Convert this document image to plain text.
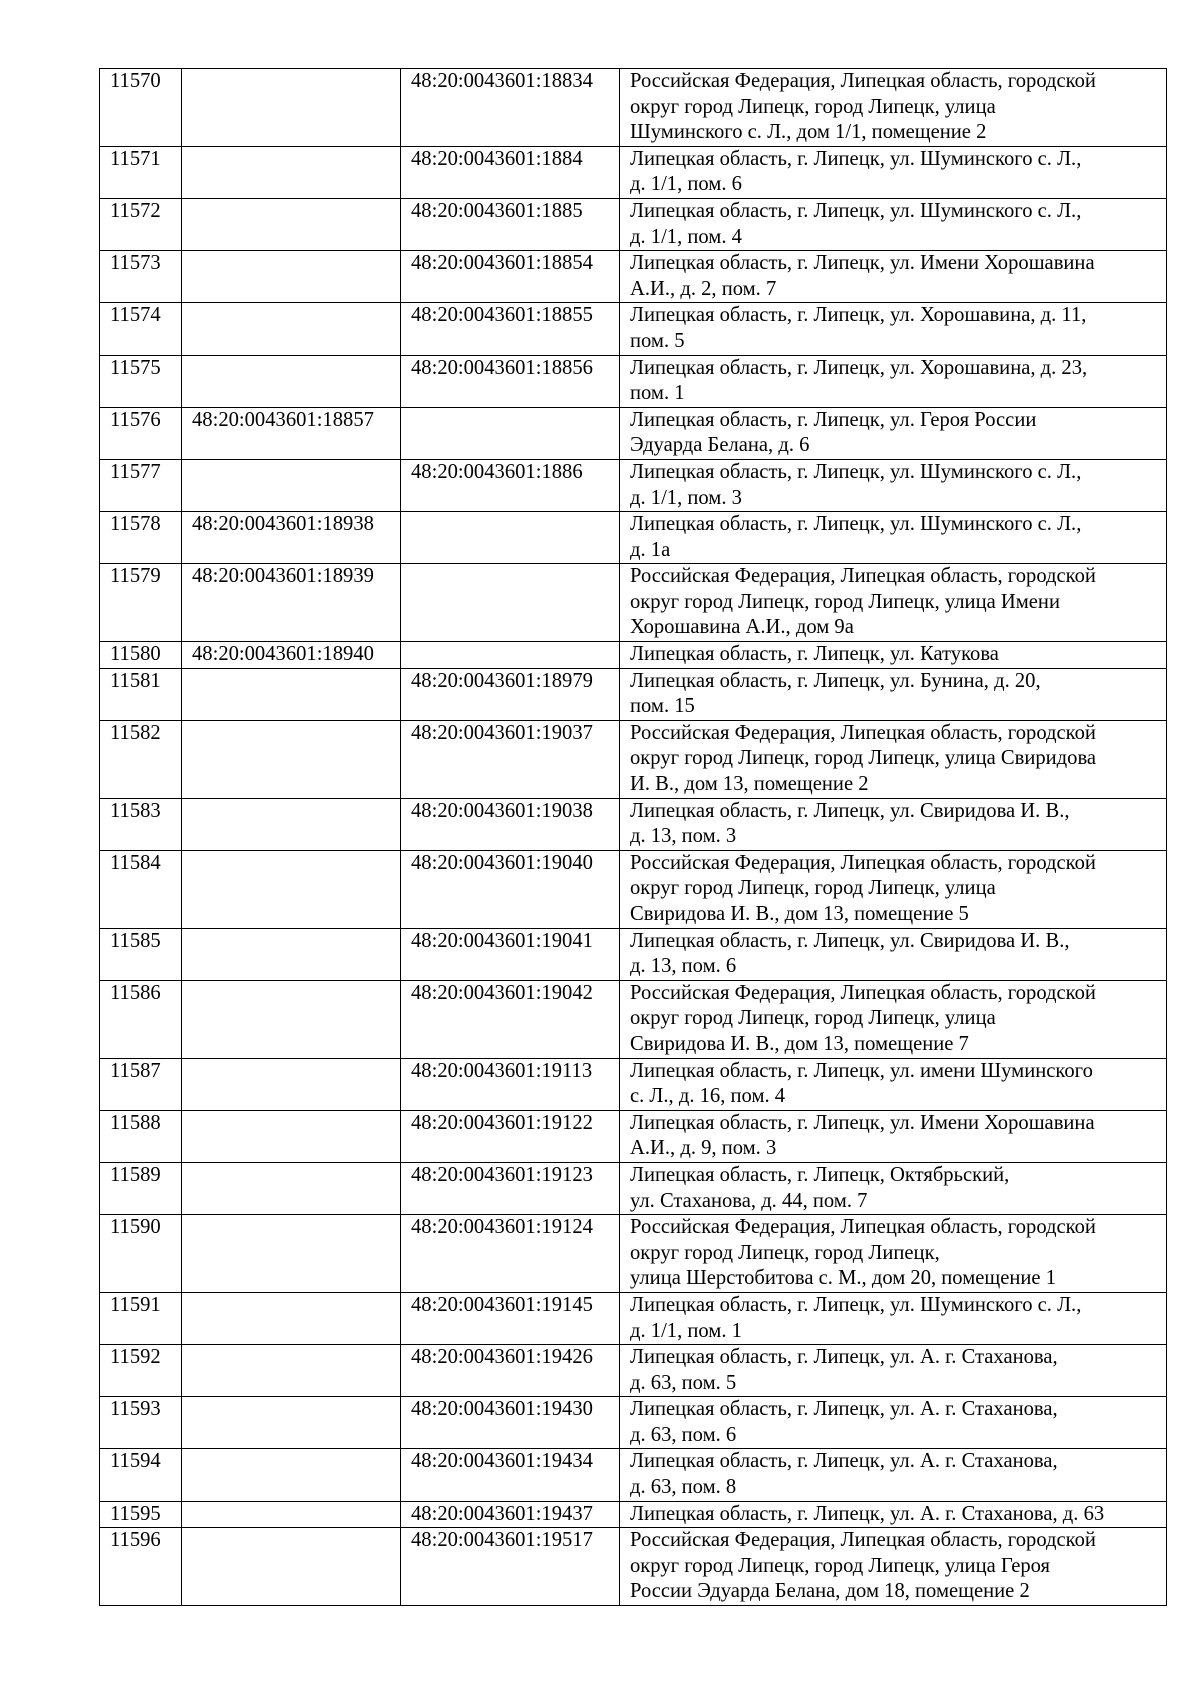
11570		48:20:0043601:18834	Российская Федерация, Липецкая область, городской
округ город Липецк, город Липецк, улица
Шуминского с. Л., дом 1/1, помещение 2

11571		48:20:0043601:1884	Липецкая область, г. Липецк, ул. Шуминского с. Л.,
д. 1/1, пом. 6

11572		48:20:0043601:1885	Липецкая область, г. Липецк, ул. Шуминского с. Л.,
д. 1/1, пом. 4

11573		48:20:0043601:18854	Липецкая область, г. Липецк, ул. Имени Хорошавина
А.И., д. 2, пом. 7

11574		48:20:0043601:18855	Липецкая область, г. Липецк, ул. Хорошавина, д. 11,
пом. 5

11575		48:20:0043601:18856	Липецкая область, г. Липецк, ул. Хорошавина, д. 23,
пом. 1

11576	48:20:0043601:18857		Липецкая область, г. Липецк, ул. Героя России
Эдуарда Белана, д. 6

11577		48:20:0043601:1886	Липецкая область, г. Липецк, ул. Шуминского с. Л.,
д. 1/1, пом. 3

11578	48:20:0043601:18938		Липецкая область, г. Липецк, ул. Шуминского с. Л.,
д. 1а

11579	48:20:0043601:18939		Российская Федерация, Липецкая область, городской
округ город Липецк, город Липецк, улица Имени
Хорошавина А.И., дом 9а

11580	48:20:0043601:18940		Липецкая область, г. Липецк, ул. Катукова

11581		48:20:0043601:18979	Липецкая область, г. Липецк, ул. Бунина, д. 20,
пом. 15

11582		48:20:0043601:19037	Российская Федерация, Липецкая область, городской
округ город Липецк, город Липецк, улица Свиридова
И. В., дом 13, помещение 2

11583		48:20:0043601:19038	Липецкая область, г. Липецк, ул. Свиридова И. В.,
д. 13, пом. 3

11584		48:20:0043601:19040	Российская Федерация, Липецкая область, городской
округ город Липецк, город Липецк, улица
Свиридова И. В., дом 13, помещение 5

11585		48:20:0043601:19041	Липецкая область, г. Липецк, ул. Свиридова И. В.,
д. 13, пом. 6

11586		48:20:0043601:19042	Российская Федерация, Липецкая область, городской
округ город Липецк, город Липецк, улица
Свиридова И. В., дом 13, помещение 7

11587		48:20:0043601:19113	Липецкая область, г. Липецк, ул. имени Шуминского
с. Л., д. 16, пом. 4

11588		48:20:0043601:19122	Липецкая область, г. Липецк, ул. Имени Хорошавина
А.И., д. 9, пом. 3

11589		48:20:0043601:19123	Липецкая область, г. Липецк, Октябрьский,
ул. Стаханова, д. 44, пом. 7

11590		48:20:0043601:19124	Российская Федерация, Липецкая область, городской
округ город Липецк, город Липецк,
улица Шерстобитова с. М., дом 20, помещение 1

11591		48:20:0043601:19145	Липецкая область, г. Липецк, ул. Шуминского с. Л.,
д. 1/1, пом. 1

11592		48:20:0043601:19426	Липецкая область, г. Липецк, ул. А. г. Стаханова,
д. 63, пом. 5

11593		48:20:0043601:19430	Липецкая область, г. Липецк, ул. А. г. Стаханова,
д. 63, пом. 6

11594		48:20:0043601:19434	Липецкая область, г. Липецк, ул. А. г. Стаханова,
д. 63, пом. 8

11595		48:20:0043601:19437	Липецкая область, г. Липецк, ул. А. г. Стаханова, д. 63

11596		48:20:0043601:19517	Российская Федерация, Липецкая область, городской
округ город Липецк, город Липецк, улица Героя
России Эдуарда Белана, дом 18, помещение 2
